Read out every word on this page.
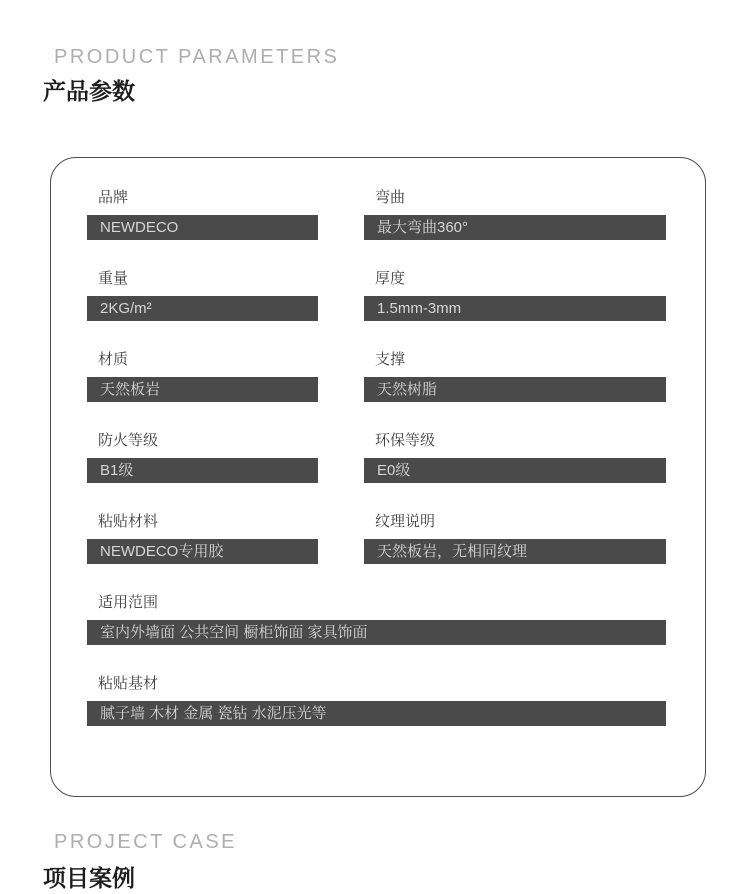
PRODUCT PARAMETERS
产品参数
品牌
NEWDECO
弯曲
最大弯曲360°
重量
2KG/m²
厚度
1.5mm-3mm
材质
天然板岩
支撑
天然树脂
防火等级
B1级
环保等级
E0级
粘贴材料
NEWDECO专用胶
纹理说明
天然板岩，无相同纹理
适用范围
室内外墙面 公共空间 橱柜饰面 家具饰面
粘贴基材
腻子墙 木材 金属 瓷钻 水泥压光等
PROJECT CASE
项目案例
